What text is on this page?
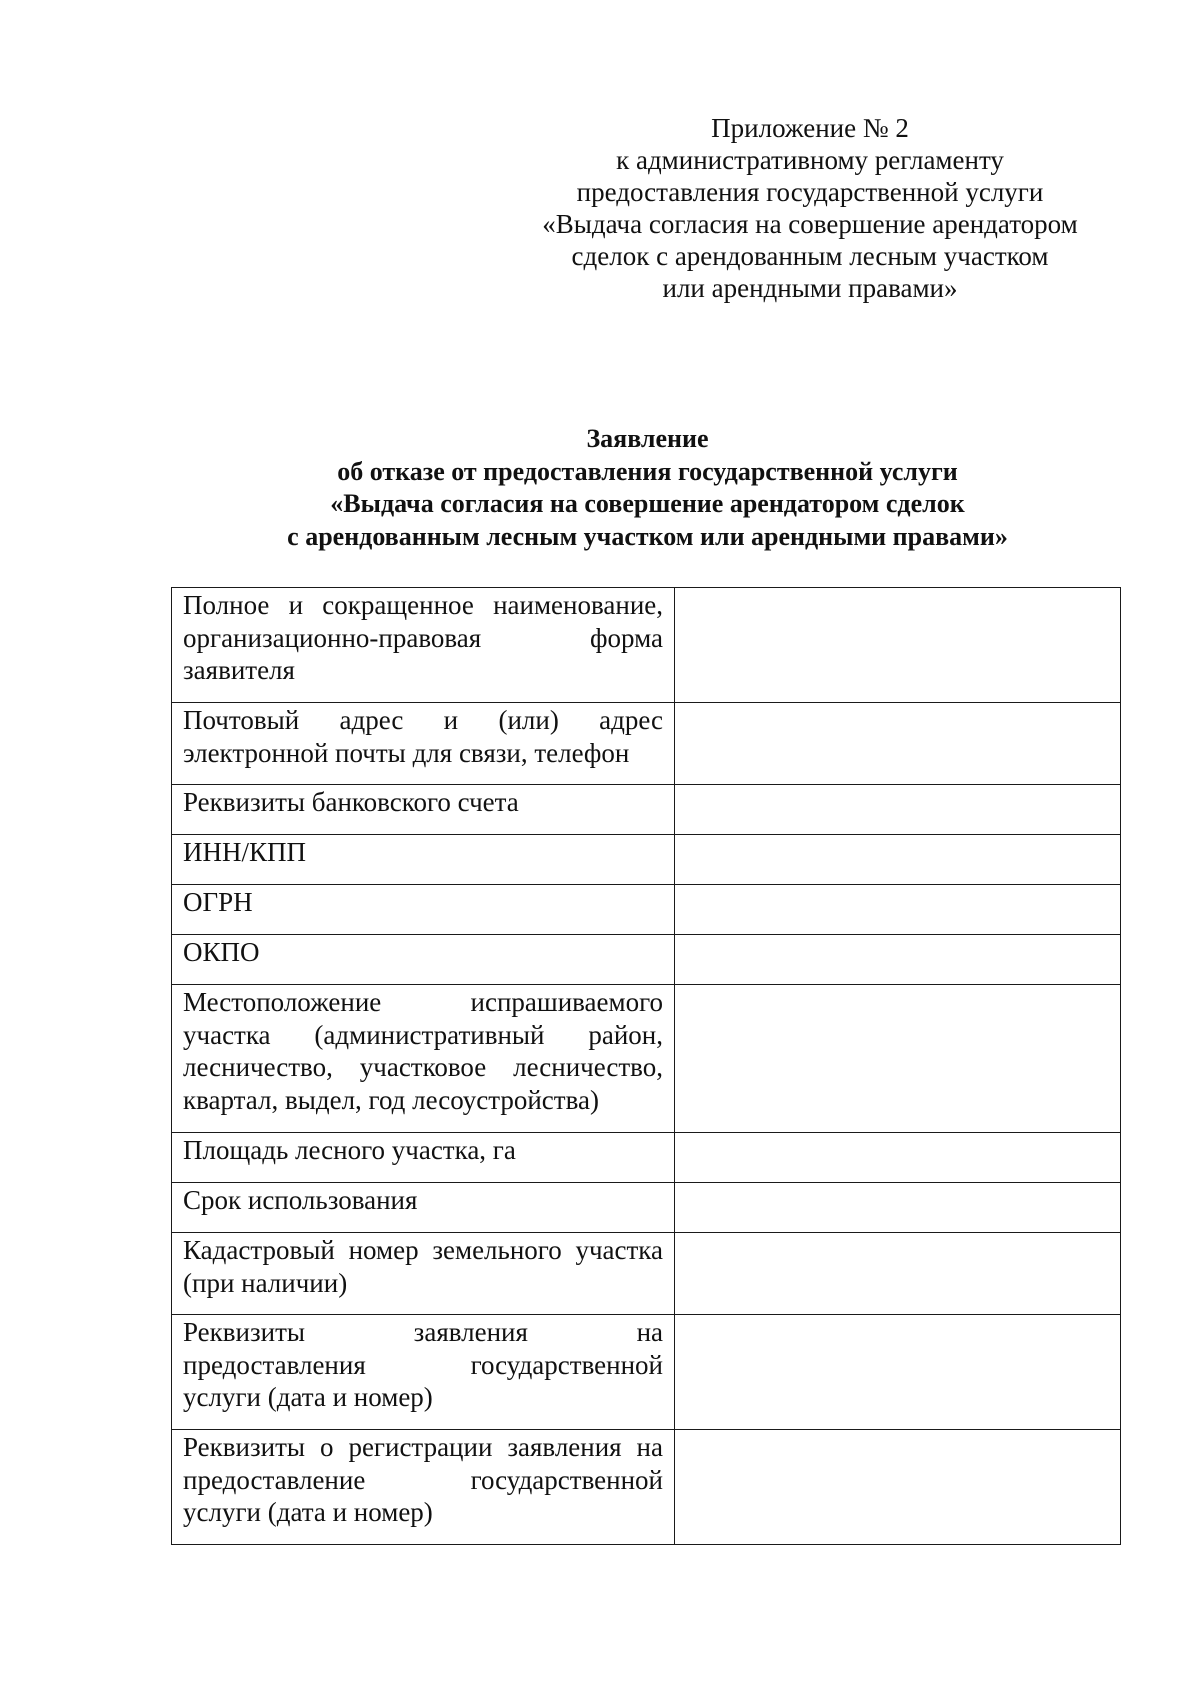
Приложение № 2
к административному регламенту
предоставления государственной услуги
«Выдача согласия на совершение арендатором
сделок с арендованным лесным участком
или арендными правами»
Заявление
об отказе от предоставления государственной услуги
«Выдача согласия на совершение арендатором сделок
с арендованным лесным участком или арендными правами»
Полное и сокращенное наименование,
организационно-правовая форма
заявителя	

Почтовый адрес и (или) адрес
электронной почты для связи, телефон	

Реквизиты банковского счета	

ИНН/КПП	

ОГРН	

ОКПО	

Местоположение испрашиваемого
участка (административный район,
лесничество, участковое лесничество,
квартал, выдел, год лесоустройства)	

Площадь лесного участка, га	

Срок использования	

Кадастровый номер земельного участка
(при наличии)	

Реквизиты заявления на
предоставления государственной
услуги (дата и номер)	

Реквизиты о регистрации заявления на
предоставление государственной
услуги (дата и номер)	
